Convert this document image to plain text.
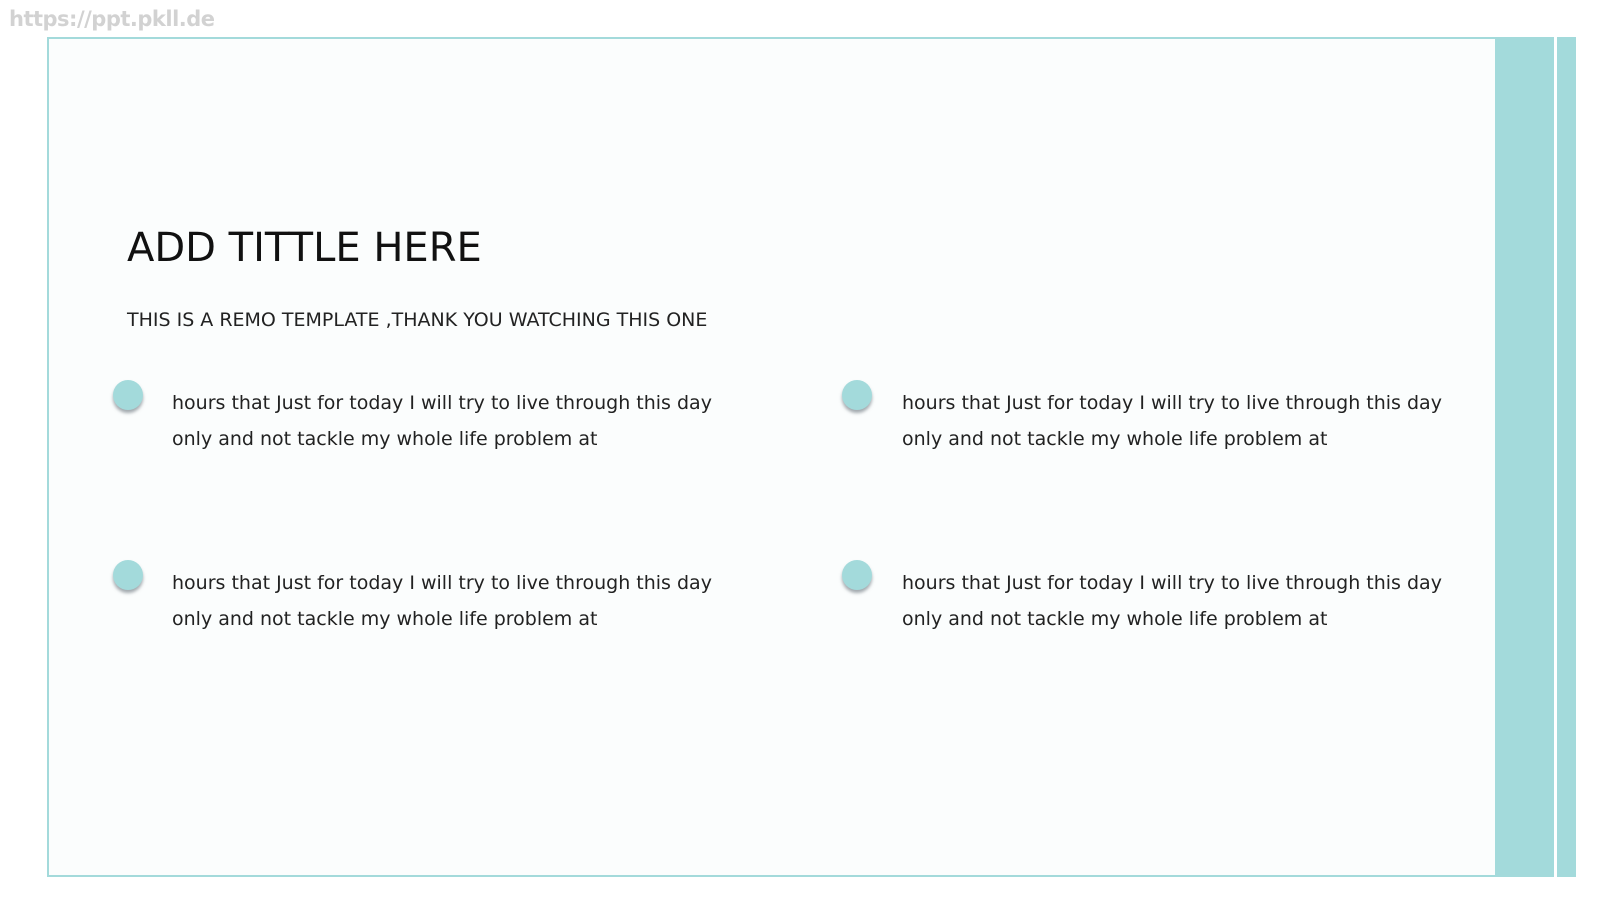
https://ppt.pkll.de
ADD TITTLE HERE
THIS IS A REMO TEMPLATE ,THANK YOU WATCHING THIS ONE
hours that Just for today I will try to live through this day
only and not tackle my whole life problem at
hours that Just for today I will try to live through this day
only and not tackle my whole life problem at
hours that Just for today I will try to live through this day
only and not tackle my whole life problem at
hours that Just for today I will try to live through this day
only and not tackle my whole life problem at
